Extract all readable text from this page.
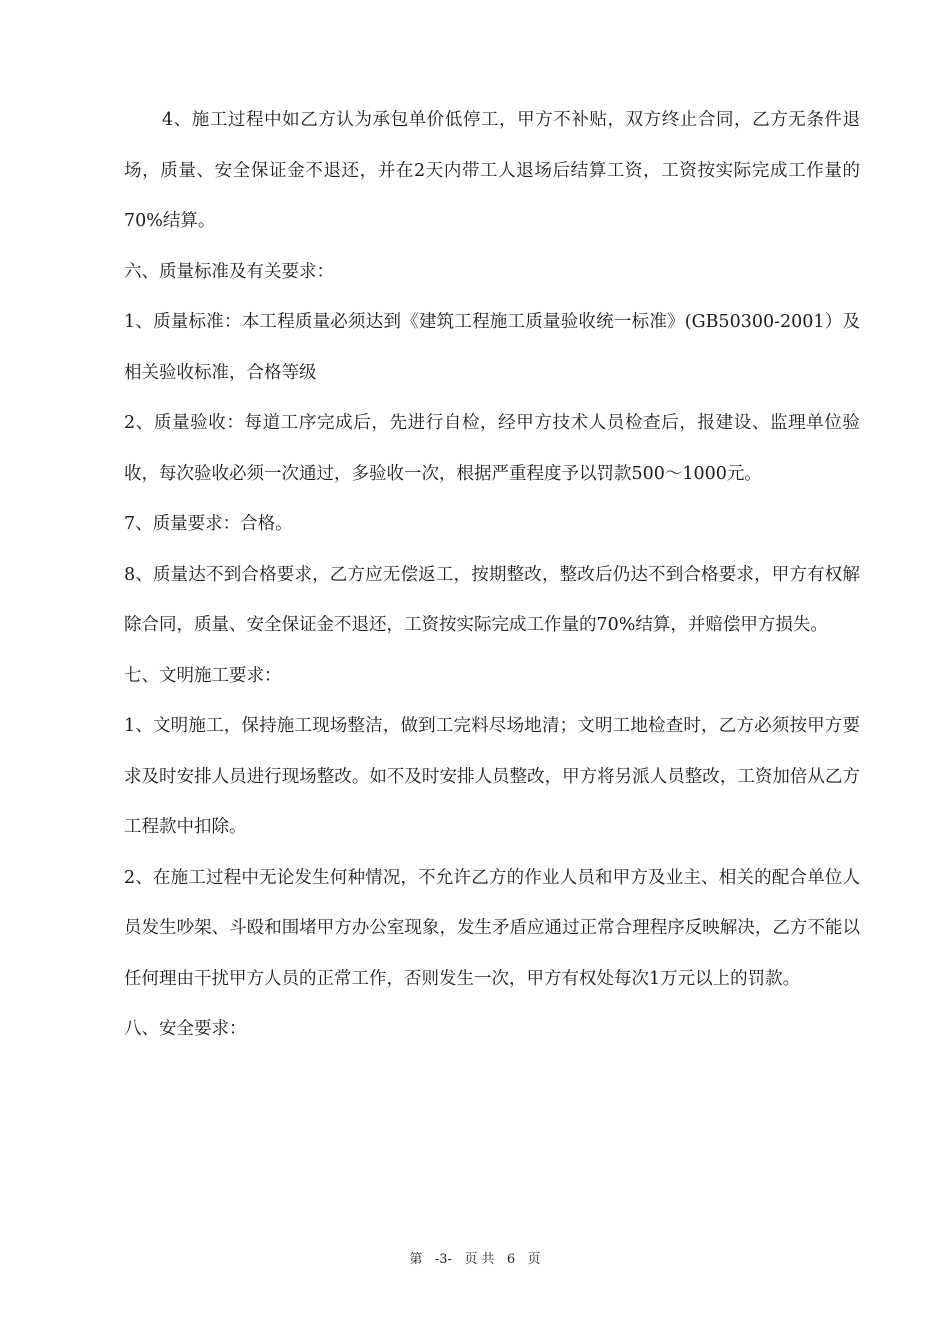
4、施工过程中如乙方认为承包单价低停工，甲方不补贴，双方终止合同，乙方无条件退场，质量、安全保证金不退还，并在2天内带工人退场后结算工资，工资按实际完成工作量的70%结算。

六、质量标准及有关要求：

1、质量标准：本工程质量必须达到《建筑工程施工质量验收统一标准》(GB50300-2001）及相关验收标准，合格等级

2、质量验收：每道工序完成后，先进行自检，经甲方技术人员检查后，报建设、监理单位验收，每次验收必须一次通过，多验收一次，根据严重程度予以罚款500～1000元。

7、质量要求：合格。

8、质量达不到合格要求，乙方应无偿返工，按期整改，整改后仍达不到合格要求，甲方有权解除合同，质量、安全保证金不退还，工资按实际完成工作量的70%结算，并赔偿甲方损失。

七、文明施工要求：

1、文明施工，保持施工现场整洁，做到工完料尽场地清；文明工地检查时，乙方必须按甲方要求及时安排人员进行现场整改。如不及时安排人员整改，甲方将另派人员整改，工资加倍从乙方工程款中扣除。

2、在施工过程中无论发生何种情况，不允许乙方的作业人员和甲方及业主、相关的配合单位人员发生吵架、斗殴和围堵甲方办公室现象，发生矛盾应通过正常合理程序反映解决，乙方不能以任何理由干扰甲方人员的正常工作，否则发生一次，甲方有权处每次1万元以上的罚款。

八、安全要求：

第 -3- 页 共 6 页
